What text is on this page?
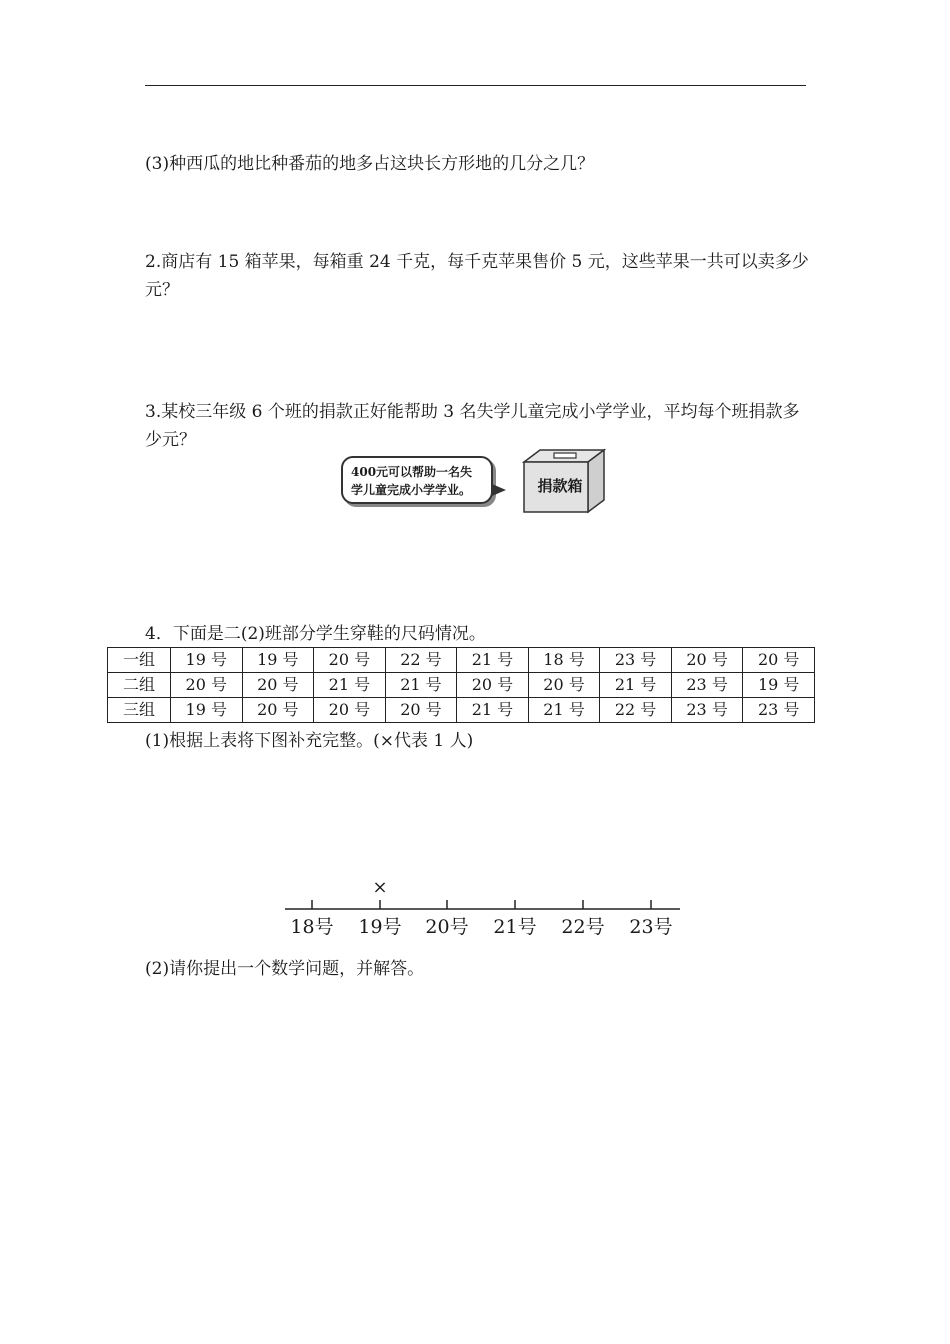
(3)种西瓜的地比种番茄的地多占这块长方形地的几分之几？
2.商店有 15 箱苹果，每箱重 24 千克，每千克苹果售价 5 元，这些苹果一共可以卖多少元？
3.某校三年级 6 个班的捐款正好能帮助 3 名失学儿童完成小学学业，平均每个班捐款多少元？
400元可以帮助一名失学儿童完成小学学业。	捐款箱
4．下面是二(2)班部分学生穿鞋的尺码情况。
一组	19 号	19 号	20 号	22 号	21 号	18 号	23 号	20 号	20 号
二组	20 号	20 号	21 号	21 号	20 号	20 号	21 号	23 号	19 号
三组	19 号	20 号	20 号	20 号	21 号	21 号	22 号	23 号	23 号
(1)根据上表将下图补充完整。(×代表 1 人)
×
18号	19号	20号	21号	22号	23号
(2)请你提出一个数学问题，并解答。
